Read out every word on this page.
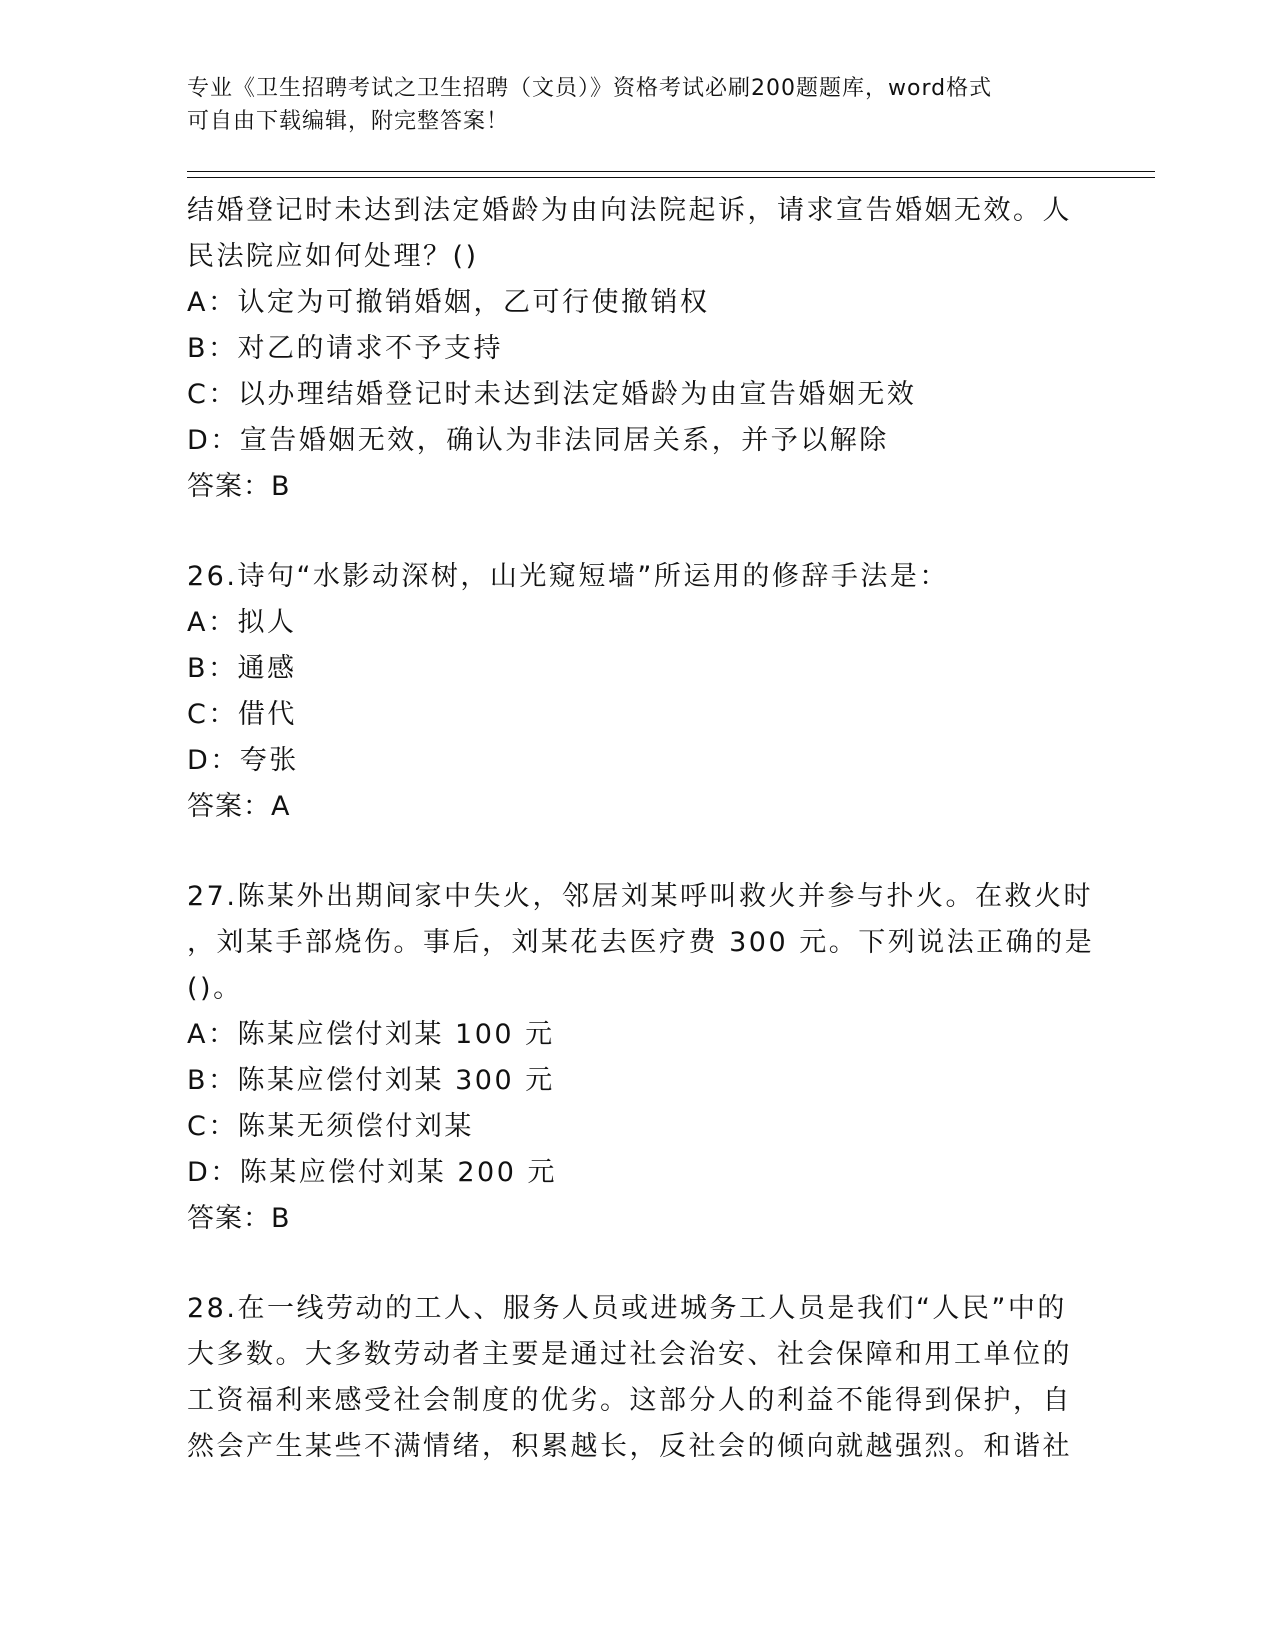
专业《卫生招聘考试之卫生招聘（文员）》资格考试必刷200题题库，word格式
可自由下载编辑，附完整答案！
结婚登记时未达到法定婚龄为由向法院起诉，请求宣告婚姻无效。人
民法院应如何处理？()
A：认定为可撤销婚姻，乙可行使撤销权
B：对乙的请求不予支持
C：以办理结婚登记时未达到法定婚龄为由宣告婚姻无效
D：宣告婚姻无效，确认为非法同居关系，并予以解除
答案：B
26.诗句“水影动深树，山光窥短墙”所运用的修辞手法是：
A：拟人
B：通感
C：借代
D：夸张
答案：A
27.陈某外出期间家中失火，邻居刘某呼叫救火并参与扑火。在救火时
，刘某手部烧伤。事后，刘某花去医疗费 300 元。下列说法正确的是
()。
A：陈某应偿付刘某 100 元
B：陈某应偿付刘某 300 元
C：陈某无须偿付刘某
D：陈某应偿付刘某 200 元
答案：B
28.在一线劳动的工人、服务人员或进城务工人员是我们“人民”中的
大多数。大多数劳动者主要是通过社会治安、社会保障和用工单位的
工资福利来感受社会制度的优劣。这部分人的利益不能得到保护，自
然会产生某些不满情绪，积累越长，反社会的倾向就越强烈。和谐社
